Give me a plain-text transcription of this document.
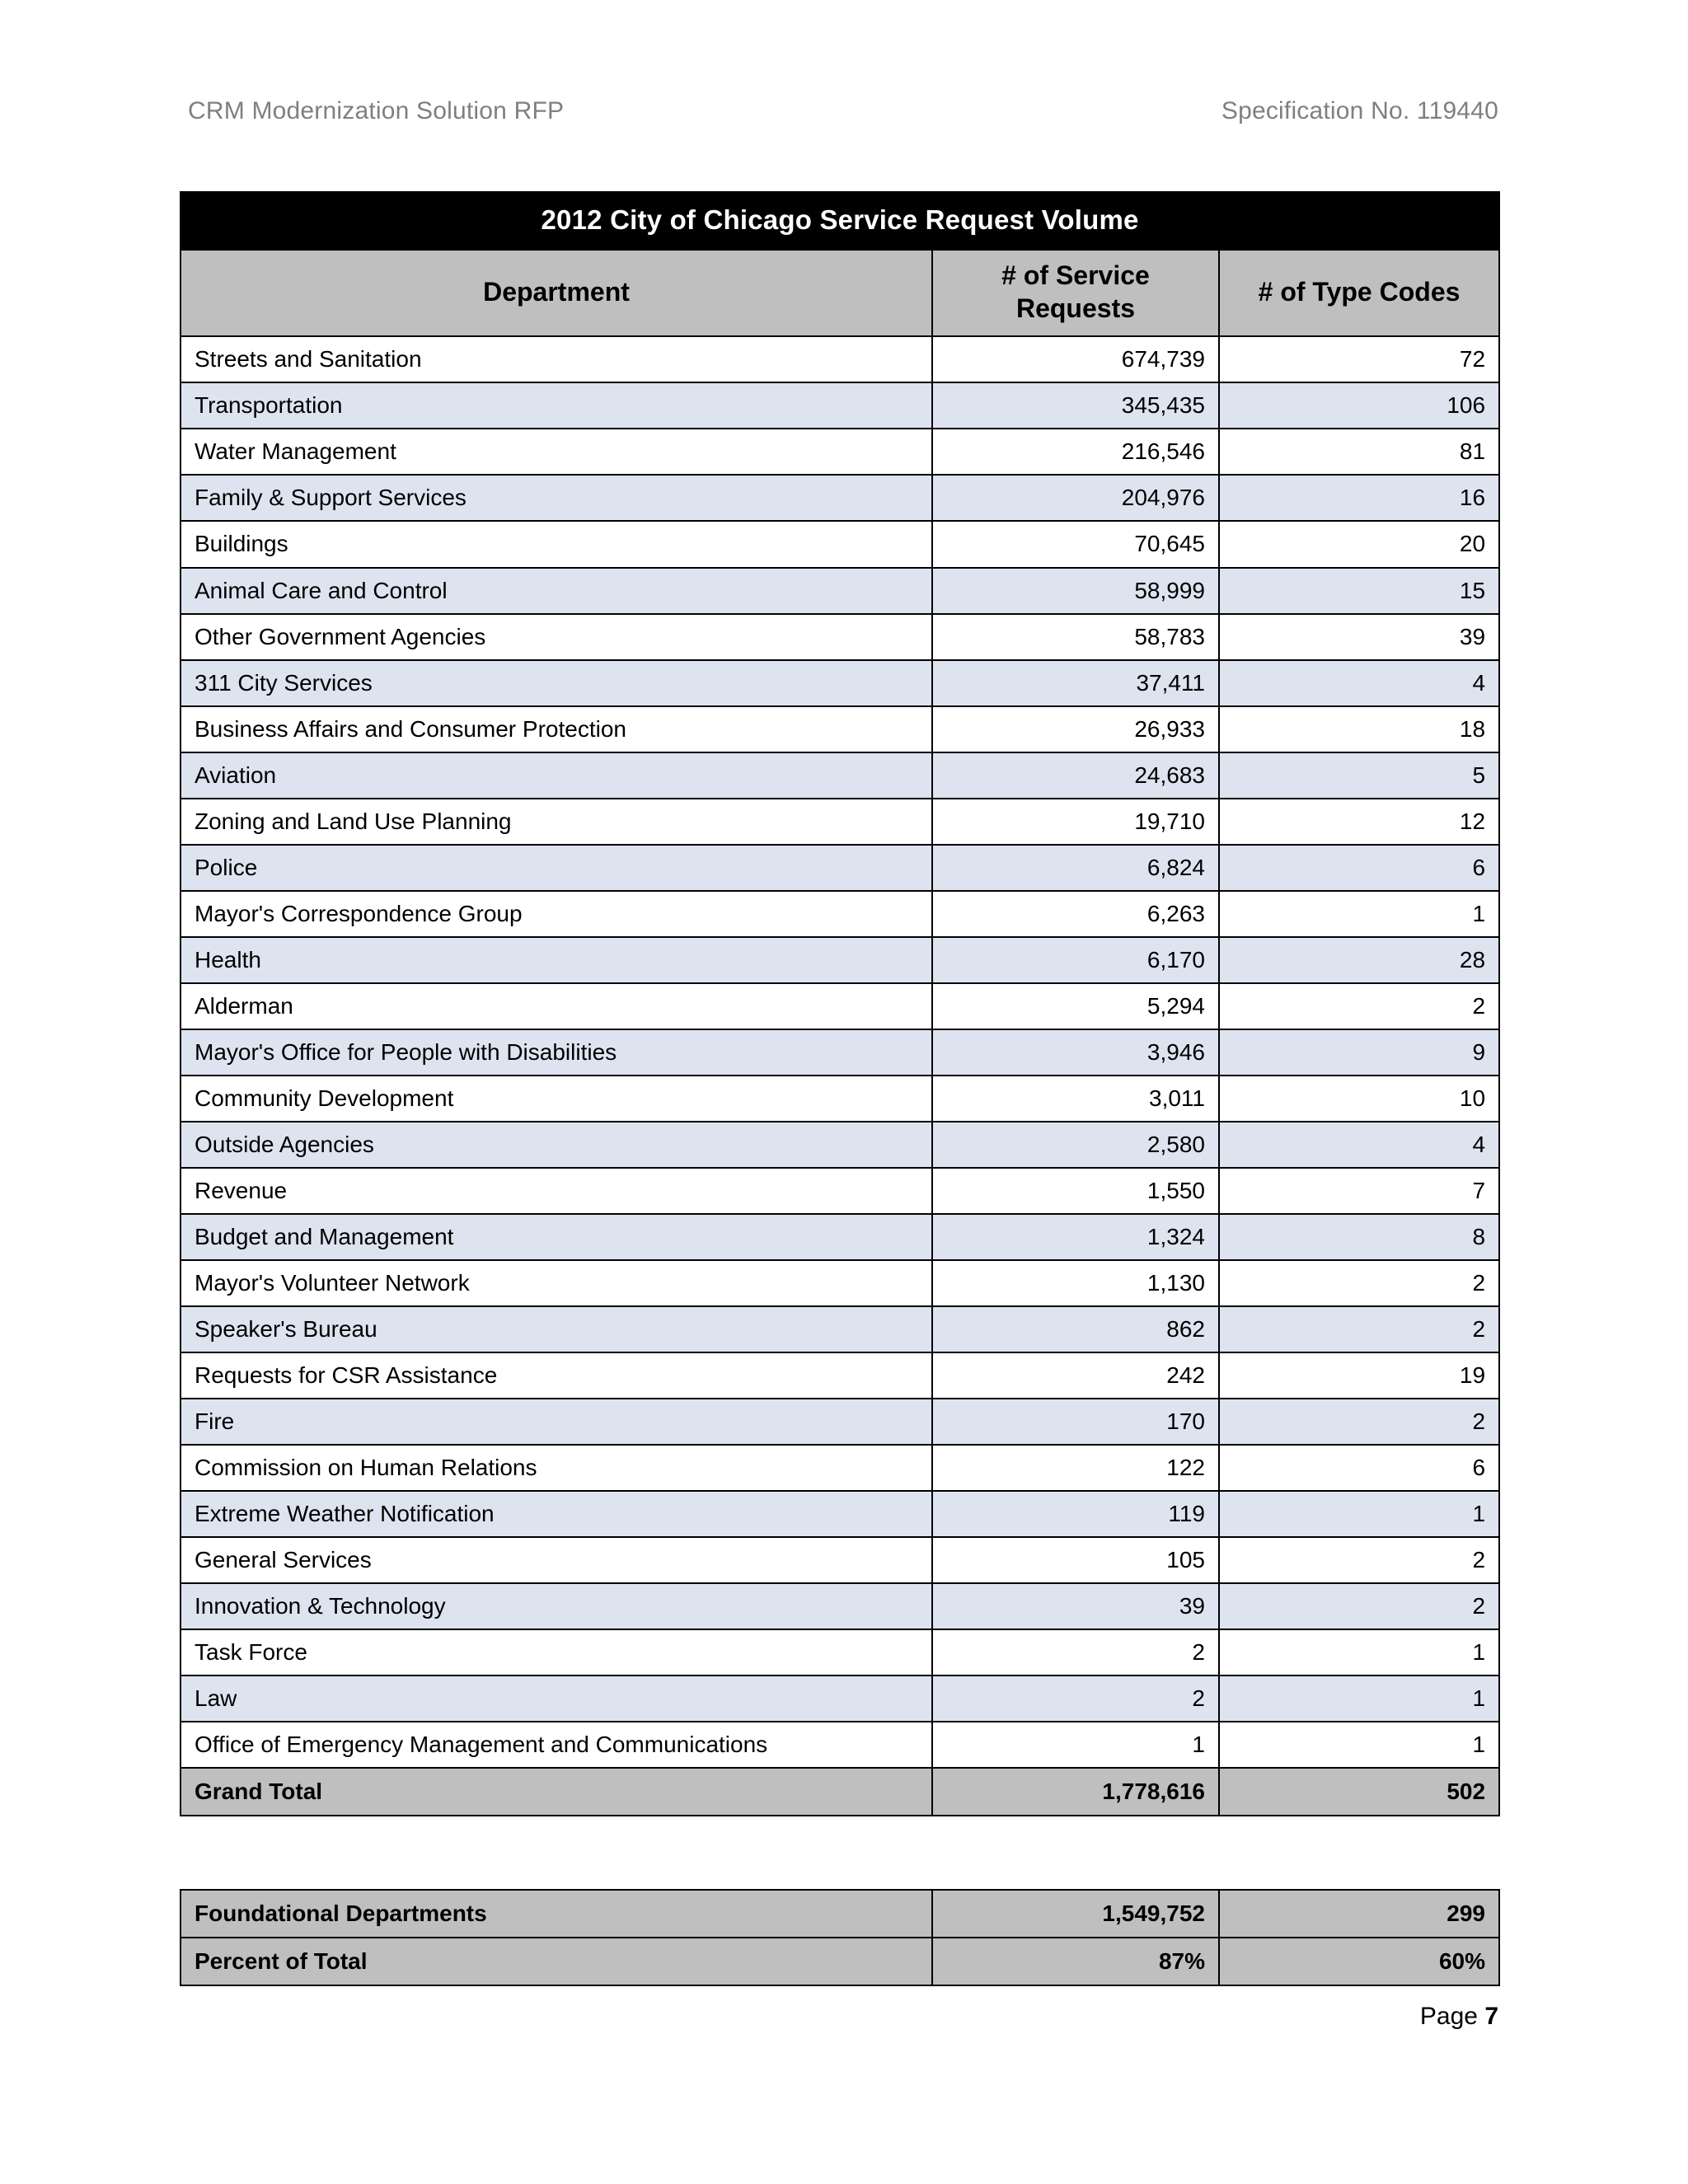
CRM Modernization Solution RFP	Specification No. 119440
2012 City of Chicago Service Request Volume		
Department	# of Service Requests	# of Type Codes
Streets and Sanitation	674,739	72
Transportation	345,435	106
Water Management	216,546	81
Family & Support Services	204,976	16
Buildings	70,645	20
Animal Care and Control	58,999	15
Other Government Agencies	58,783	39
311 City Services	37,411	4
Business Affairs and Consumer Protection	26,933	18
Aviation	24,683	5
Zoning and Land Use Planning	19,710	12
Police	6,824	6
Mayor's Correspondence Group	6,263	1
Health	6,170	28
Alderman	5,294	2
Mayor's Office for People with Disabilities	3,946	9
Community Development	3,011	10
Outside Agencies	2,580	4
Revenue	1,550	7
Budget and Management	1,324	8
Mayor's Volunteer Network	1,130	2
Speaker's Bureau	862	2
Requests for CSR Assistance	242	19
Fire	170	2
Commission on Human Relations	122	6
Extreme Weather Notification	119	1
General Services	105	2
Innovation & Technology	39	2
Task Force	2	1
Law	2	1
Office of Emergency Management and Communications	1	1
Grand Total	1,778,616	502
Foundational Departments	1,549,752	299
Percent of Total	87%	60%
Page 7
